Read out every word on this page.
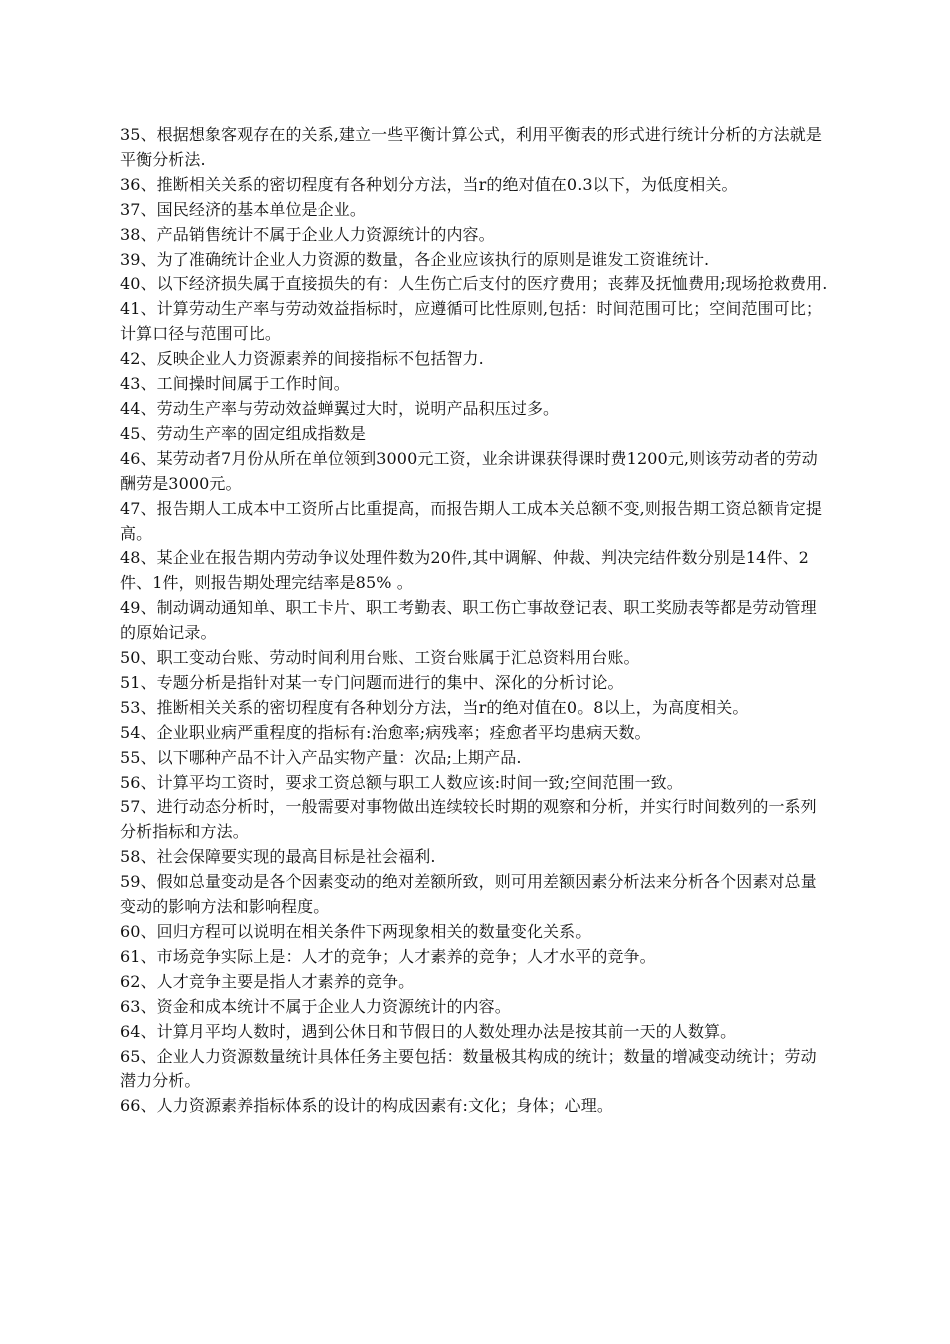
35、根据想象客观存在的关系,建立一些平衡计算公式，利用平衡表的形式进行统计分析的方法就是平衡分析法.

36、推断相关关系的密切程度有各种划分方法，当r的绝对值在0.3以下，为低度相关。

37、国民经济的基本单位是企业。

38、产品销售统计不属于企业人力资源统计的内容。

39、为了准确统计企业人力资源的数量，各企业应该执行的原则是谁发工资谁统计.

40、以下经济损失属于直接损失的有：人生伤亡后支付的医疗费用；丧葬及抚恤费用;现场抢救费用.

41、计算劳动生产率与劳动效益指标时，应遵循可比性原则,包括：时间范围可比；空间范围可比；计算口径与范围可比。

42、反映企业人力资源素养的间接指标不包括智力.

43、工间操时间属于工作时间。

44、劳动生产率与劳动效益蝉翼过大时，说明产品积压过多。

45、劳动生产率的固定组成指数是

46、某劳动者7月份从所在单位领到3000元工资，业余讲课获得课时费1200元,则该劳动者的劳动酬劳是3000元。

47、报告期人工成本中工资所占比重提高，而报告期人工成本关总额不变,则报告期工资总额肯定提高。

48、某企业在报告期内劳动争议处理件数为20件,其中调解、仲裁、判决完结件数分别是14件、2件、1件，则报告期处理完结率是85% 。

49、制动调动通知单、职工卡片、职工考勤表、职工伤亡事故登记表、职工奖励表等都是劳动管理的原始记录。

50、职工变动台账、劳动时间利用台账、工资台账属于汇总资料用台账。

51、专题分析是指针对某一专门问题而进行的集中、深化的分析讨论。

53、推断相关关系的密切程度有各种划分方法，当r的绝对值在0。8以上，为高度相关。

54、企业职业病严重程度的指标有:治愈率;病残率；痊愈者平均患病天数。

55、以下哪种产品不计入产品实物产量：次品;上期产品.

56、计算平均工资时，要求工资总额与职工人数应该:时间一致;空间范围一致。

57、进行动态分析时，一般需要对事物做出连续较长时期的观察和分析，并实行时间数列的一系列分析指标和方法。

58、社会保障要实现的最高目标是社会福利.

59、假如总量变动是各个因素变动的绝对差额所致，则可用差额因素分析法来分析各个因素对总量变动的影响方法和影响程度。

60、回归方程可以说明在相关条件下两现象相关的数量变化关系。

61、市场竞争实际上是：人才的竞争；人才素养的竞争；人才水平的竞争。

62、人才竞争主要是指人才素养的竞争。

63、资金和成本统计不属于企业人力资源统计的内容。

64、计算月平均人数时，遇到公休日和节假日的人数处理办法是按其前一天的人数算。

65、企业人力资源数量统计具体任务主要包括：数量极其构成的统计；数量的增减变动统计；劳动潜力分析。

66、人力资源素养指标体系的设计的构成因素有:文化；身体；心理。
